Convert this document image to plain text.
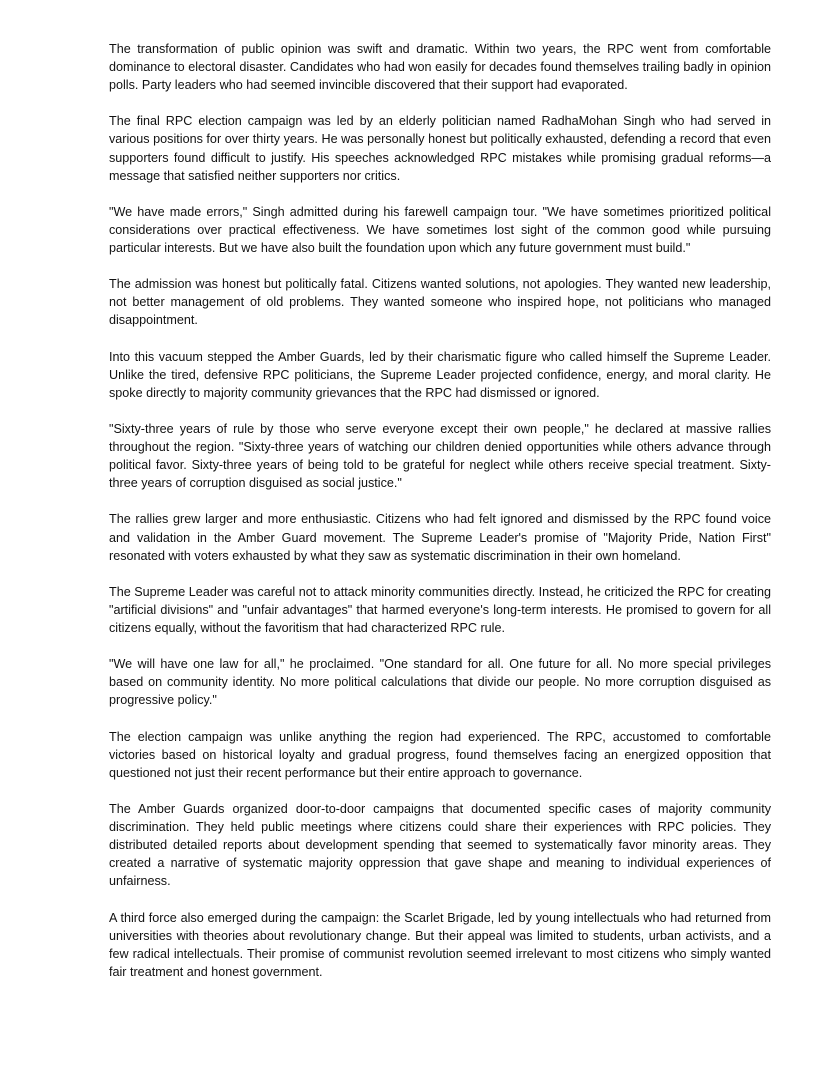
The transformation of public opinion was swift and dramatic. Within two years, the RPC went from comfortable dominance to electoral disaster. Candidates who had won easily for decades found themselves trailing badly in opinion polls. Party leaders who had seemed invincible discovered that their support had evaporated.

The final RPC election campaign was led by an elderly politician named RadhaMohan Singh who had served in various positions for over thirty years. He was personally honest but politically exhausted, defending a record that even supporters found difficult to justify. His speeches acknowledged RPC mistakes while promising gradual reforms—a message that satisfied neither supporters nor critics.

"We have made errors," Singh admitted during his farewell campaign tour. "We have sometimes prioritized political considerations over practical effectiveness. We have sometimes lost sight of the common good while pursuing particular interests. But we have also built the foundation upon which any future government must build."

The admission was honest but politically fatal. Citizens wanted solutions, not apologies. They wanted new leadership, not better management of old problems. They wanted someone who inspired hope, not politicians who managed disappointment.

Into this vacuum stepped the Amber Guards, led by their charismatic figure who called himself the Supreme Leader. Unlike the tired, defensive RPC politicians, the Supreme Leader projected confidence, energy, and moral clarity. He spoke directly to majority community grievances that the RPC had dismissed or ignored.

"Sixty-three years of rule by those who serve everyone except their own people," he declared at massive rallies throughout the region. "Sixty-three years of watching our children denied opportunities while others advance through political favor. Sixty-three years of being told to be grateful for neglect while others receive special treatment. Sixty-three years of corruption disguised as social justice."

The rallies grew larger and more enthusiastic. Citizens who had felt ignored and dismissed by the RPC found voice and validation in the Amber Guard movement. The Supreme Leader's promise of "Majority Pride, Nation First" resonated with voters exhausted by what they saw as systematic discrimination in their own homeland.

The Supreme Leader was careful not to attack minority communities directly. Instead, he criticized the RPC for creating "artificial divisions" and "unfair advantages" that harmed everyone's long-term interests. He promised to govern for all citizens equally, without the favoritism that had characterized RPC rule.

"We will have one law for all," he proclaimed. "One standard for all. One future for all. No more special privileges based on community identity. No more political calculations that divide our people. No more corruption disguised as progressive policy."

The election campaign was unlike anything the region had experienced. The RPC, accustomed to comfortable victories based on historical loyalty and gradual progress, found themselves facing an energized opposition that questioned not just their recent performance but their entire approach to governance.

The Amber Guards organized door-to-door campaigns that documented specific cases of majority community discrimination. They held public meetings where citizens could share their experiences with RPC policies. They distributed detailed reports about development spending that seemed to systematically favor minority areas. They created a narrative of systematic majority oppression that gave shape and meaning to individual experiences of unfairness.

A third force also emerged during the campaign: the Scarlet Brigade, led by young intellectuals who had returned from universities with theories about revolutionary change. But their appeal was limited to students, urban activists, and a few radical intellectuals. Their promise of communist revolution seemed irrelevant to most citizens who simply wanted fair treatment and honest government.
